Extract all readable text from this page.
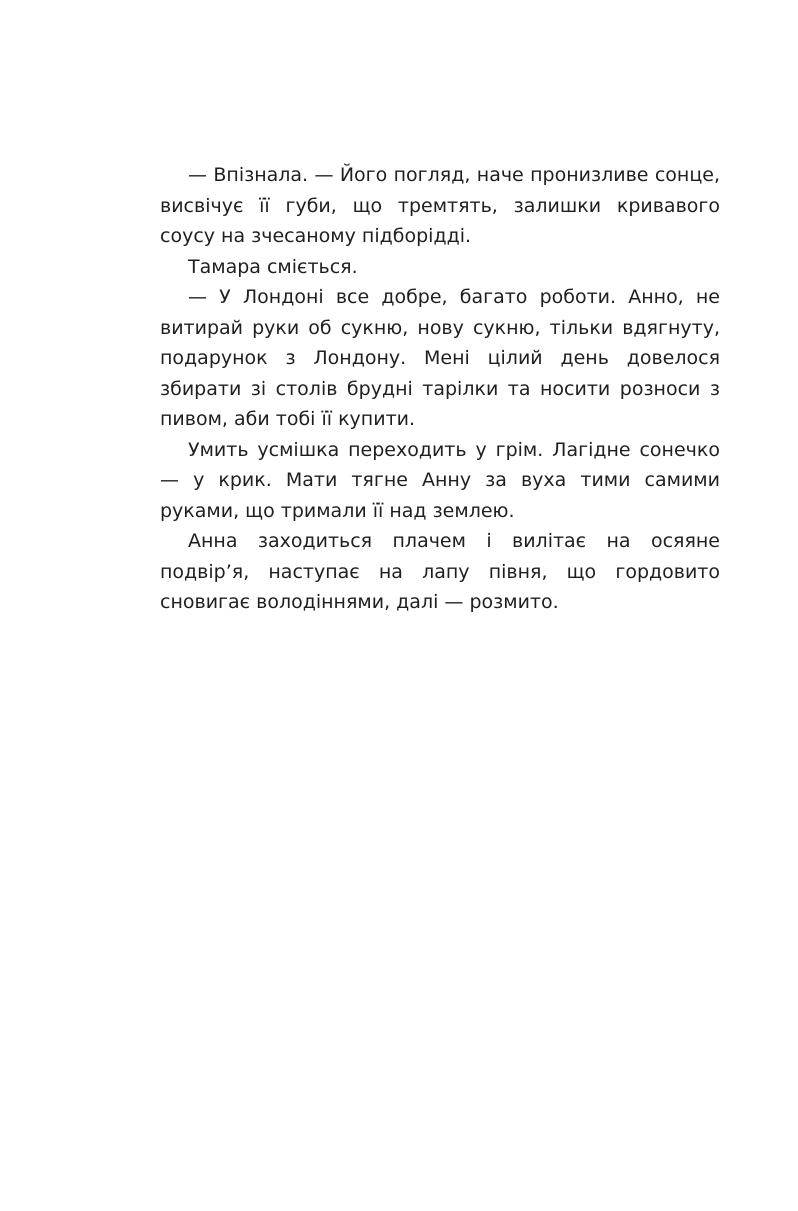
— Впізнала. — Його погляд, наче пронизливе сонце, висвічує її губи, що тремтять, залишки кривавого соусу на зчесаному підборідді.

Тамара сміється.

— У Лондоні все добре, багато роботи. Анно, не витирай руки об сукню, нову сукню, тільки вдягнуту, подарунок з Лондону. Мені цілий день довелося збирати зі столів брудні тарілки та носити розноси з пивом, аби тобі її купити.

Умить усмішка переходить у грім. Лагідне сонечко — у крик. Мати тягне Анну за вуха тими самими руками, що тримали її над землею.

Анна заходиться плачем і вилітає на осяяне подвір’я, наступає на лапу півня, що гордовито сновигає володіннями, далі — розмито.
